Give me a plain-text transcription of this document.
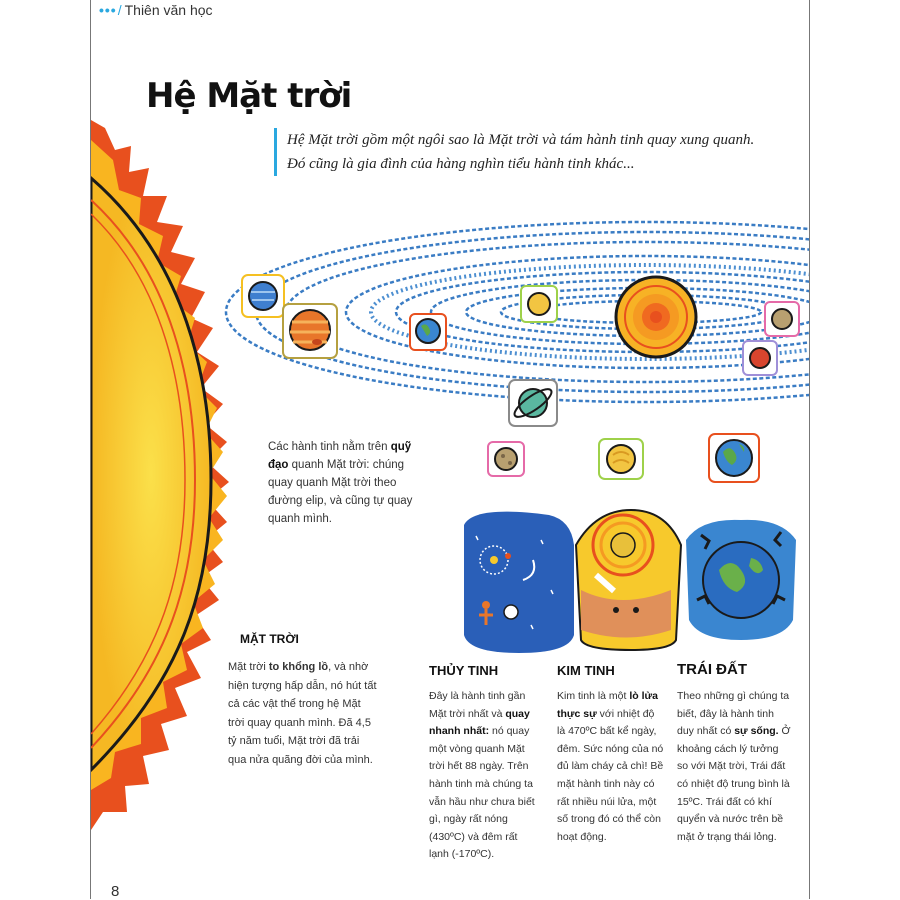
•••/ Thiên văn học
Hệ Mặt trời
Hệ Mặt trời gồm một ngôi sao là Mặt trời và tám hành tinh quay xung quanh.
Đó cũng là gia đình của hàng nghìn tiểu hành tinh khác...
Các hành tinh nằm trên quỹ đạo quanh Mặt trời: chúng quay quanh Mặt trời theo đường elip, và cũng tự quay quanh mình.
MẶT TRỜI
Mặt trời to khổng lồ, và nhờ hiện tượng hấp dẫn, nó hút tất cả các vật thể trong hệ Mặt trời quay quanh mình. Đã 4,5 tỷ năm tuổi, Mặt trời đã trải qua nửa quãng đời của mình.
THỦY TINH
Đây là hành tinh gần Mặt trời nhất và quay nhanh nhất: nó quay một vòng quanh Mặt trời hết 88 ngày. Trên hành tinh mà chúng ta vẫn hầu như chưa biết gì, ngày rất nóng (430ºC) và đêm rất lạnh (-170ºC).
KIM TINH
Kim tinh là một lò lửa thực sự với nhiệt độ là 470ºC bất kể ngày, đêm. Sức nóng của nó đủ làm cháy cả chì! Bề mặt hành tinh này có rất nhiều núi lửa, một số trong đó có thể còn hoạt động.
TRÁI ĐẤT
Theo những gì chúng ta biết, đây là hành tinh duy nhất có sự sống. Ở khoảng cách lý tưởng so với Mặt trời, Trái đất có nhiệt độ trung bình là 15ºC. Trái đất có khí quyển và nước trên bề mặt ở trạng thái lỏng.
8
